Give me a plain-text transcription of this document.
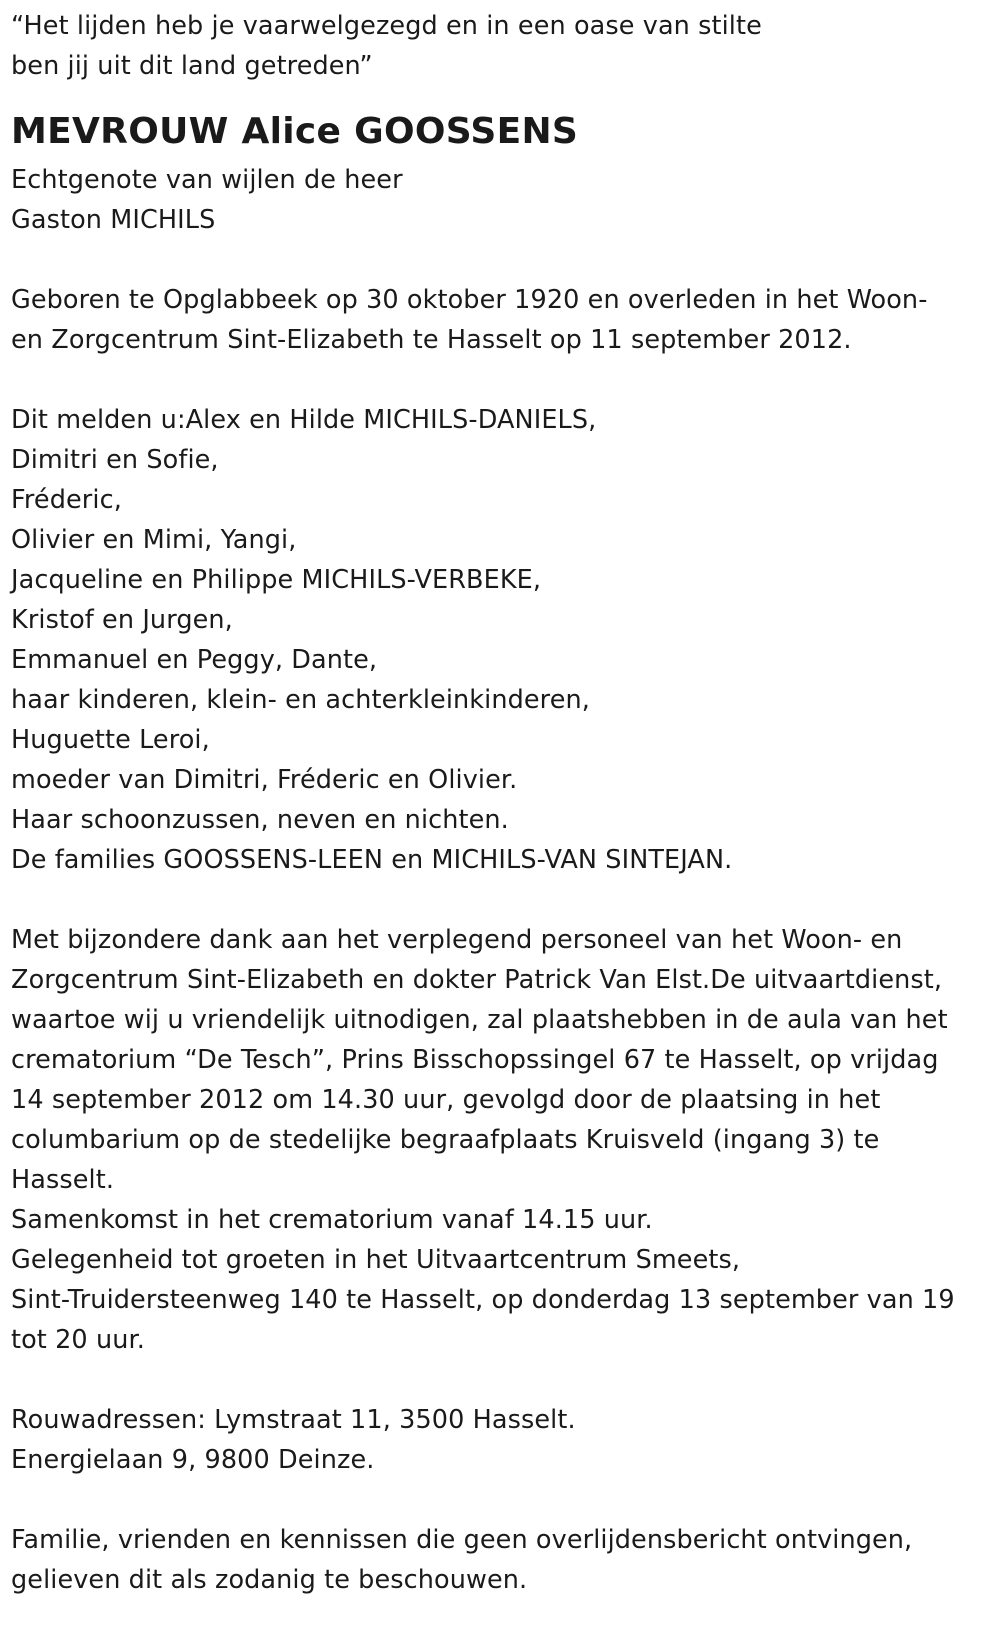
“Het lijden heb je vaarwelgezegd en in een oase van stilte
ben jij uit dit land getreden”
MEVROUW Alice GOOSSENS
Echtgenote van wijlen de heer
Gaston MICHILS
Geboren te Opglabbeek op 30 oktober 1920 en overleden in het Woon-
en Zorgcentrum Sint-Elizabeth te Hasselt op 11 september 2012.
Dit melden u:Alex en Hilde MICHILS-DANIELS,
Dimitri en Sofie,
Fréderic,
Olivier en Mimi, Yangi,
Jacqueline en Philippe MICHILS-VERBEKE,
Kristof en Jurgen,
Emmanuel en Peggy, Dante,
haar kinderen, klein- en achterkleinkinderen,
Huguette Leroi,
moeder van Dimitri, Fréderic en Olivier.
Haar schoonzussen, neven en nichten.
De families GOOSSENS-LEEN en MICHILS-VAN SINTEJAN.
Met bijzondere dank aan het verplegend personeel van het Woon- en
Zorgcentrum Sint-Elizabeth en dokter Patrick Van Elst.De uitvaartdienst,
waartoe wij u vriendelijk uitnodigen, zal plaatshebben in de aula van het
crematorium “De Tesch”, Prins Bisschopssingel 67 te Hasselt, op vrijdag
14 september 2012 om 14.30 uur, gevolgd door de plaatsing in het
columbarium op de stedelijke begraafplaats Kruisveld (ingang 3) te
Hasselt.
Samenkomst in het crematorium vanaf 14.15 uur.
Gelegenheid tot groeten in het Uitvaartcentrum Smeets,
Sint-Truidersteenweg 140 te Hasselt, op donderdag 13 september van 19
tot 20 uur.
Rouwadressen: Lymstraat 11, 3500 Hasselt.
Energielaan 9, 9800 Deinze.
Familie, vrienden en kennissen die geen overlijdensbericht ontvingen,
gelieven dit als zodanig te beschouwen.
